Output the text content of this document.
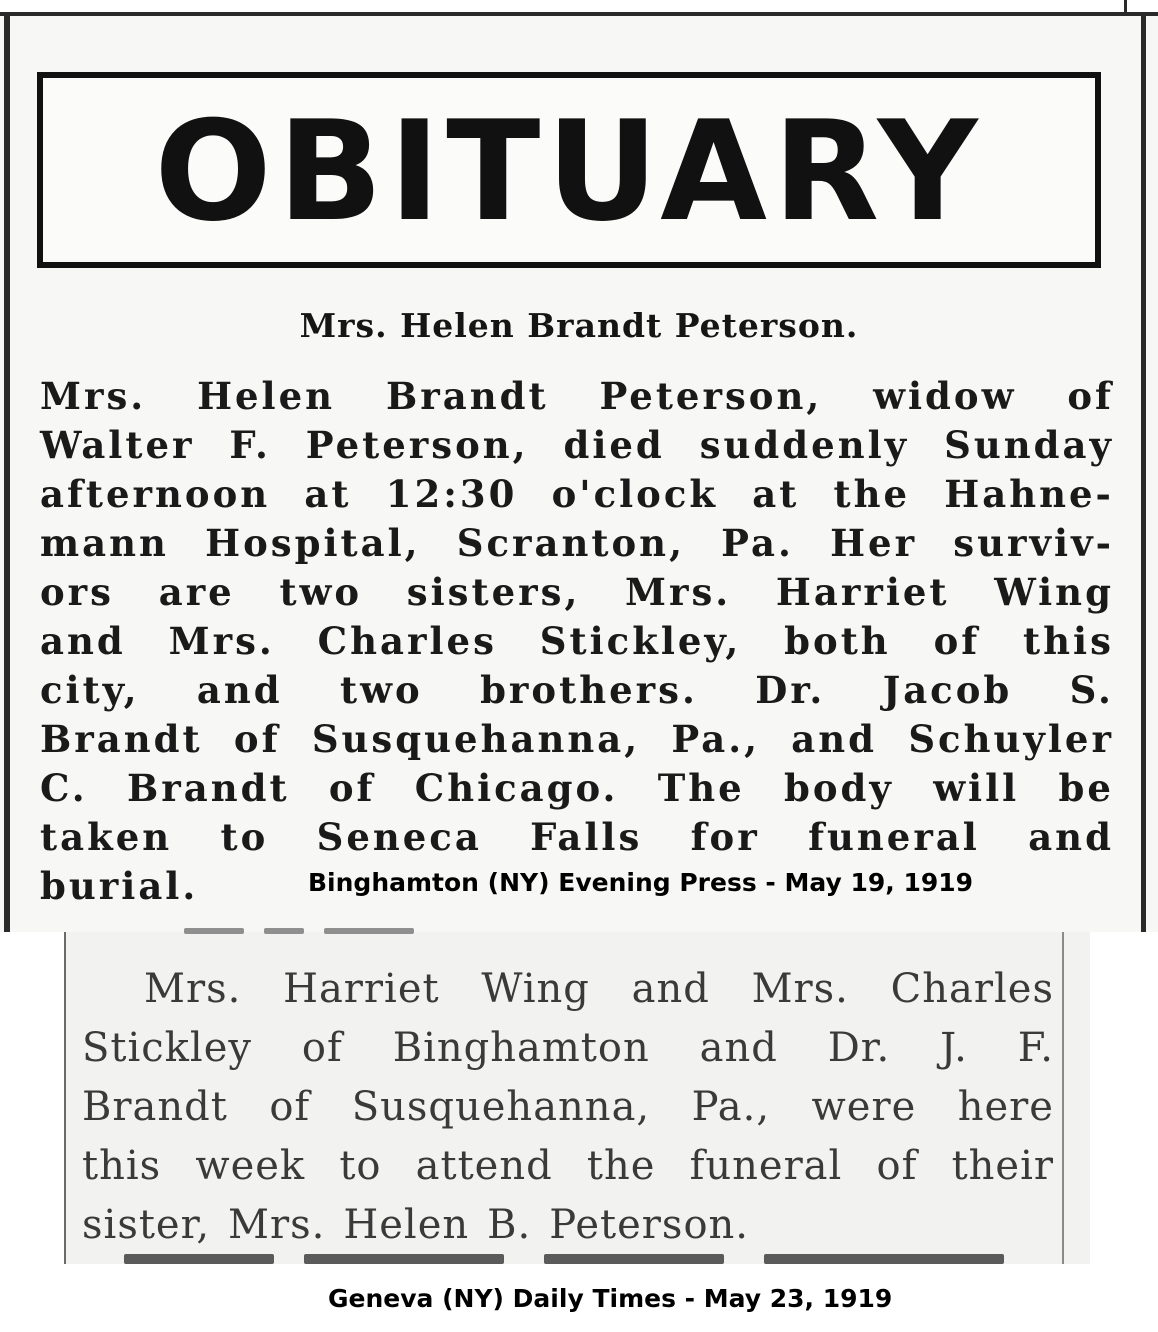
OBITUARY
Mrs. Helen Brandt Peterson.
Mrs. Helen Brandt Peterson, widow of
Walter F. Peterson, died suddenly Sunday
afternoon at 12:30 o'clock at the Hahne-
mann Hospital, Scranton, Pa. Her surviv-
ors are two sisters, Mrs. Harriet Wing
and Mrs. Charles Stickley, both of this
city, and two brothers. Dr. Jacob S.
Brandt of Susquehanna, Pa., and Schuyler
C. Brandt of Chicago. The body will be
taken to Seneca Falls for funeral and
burial.	Binghamton (NY) Evening Press - May 19, 1919
Mrs. Harriet Wing and Mrs. Charles
Stickley of Binghamton and Dr. J. F.
Brandt of Susquehanna, Pa., were here
this week to attend the funeral of their
sister, Mrs. Helen B. Peterson.
Geneva (NY) Daily Times - May 23, 1919
